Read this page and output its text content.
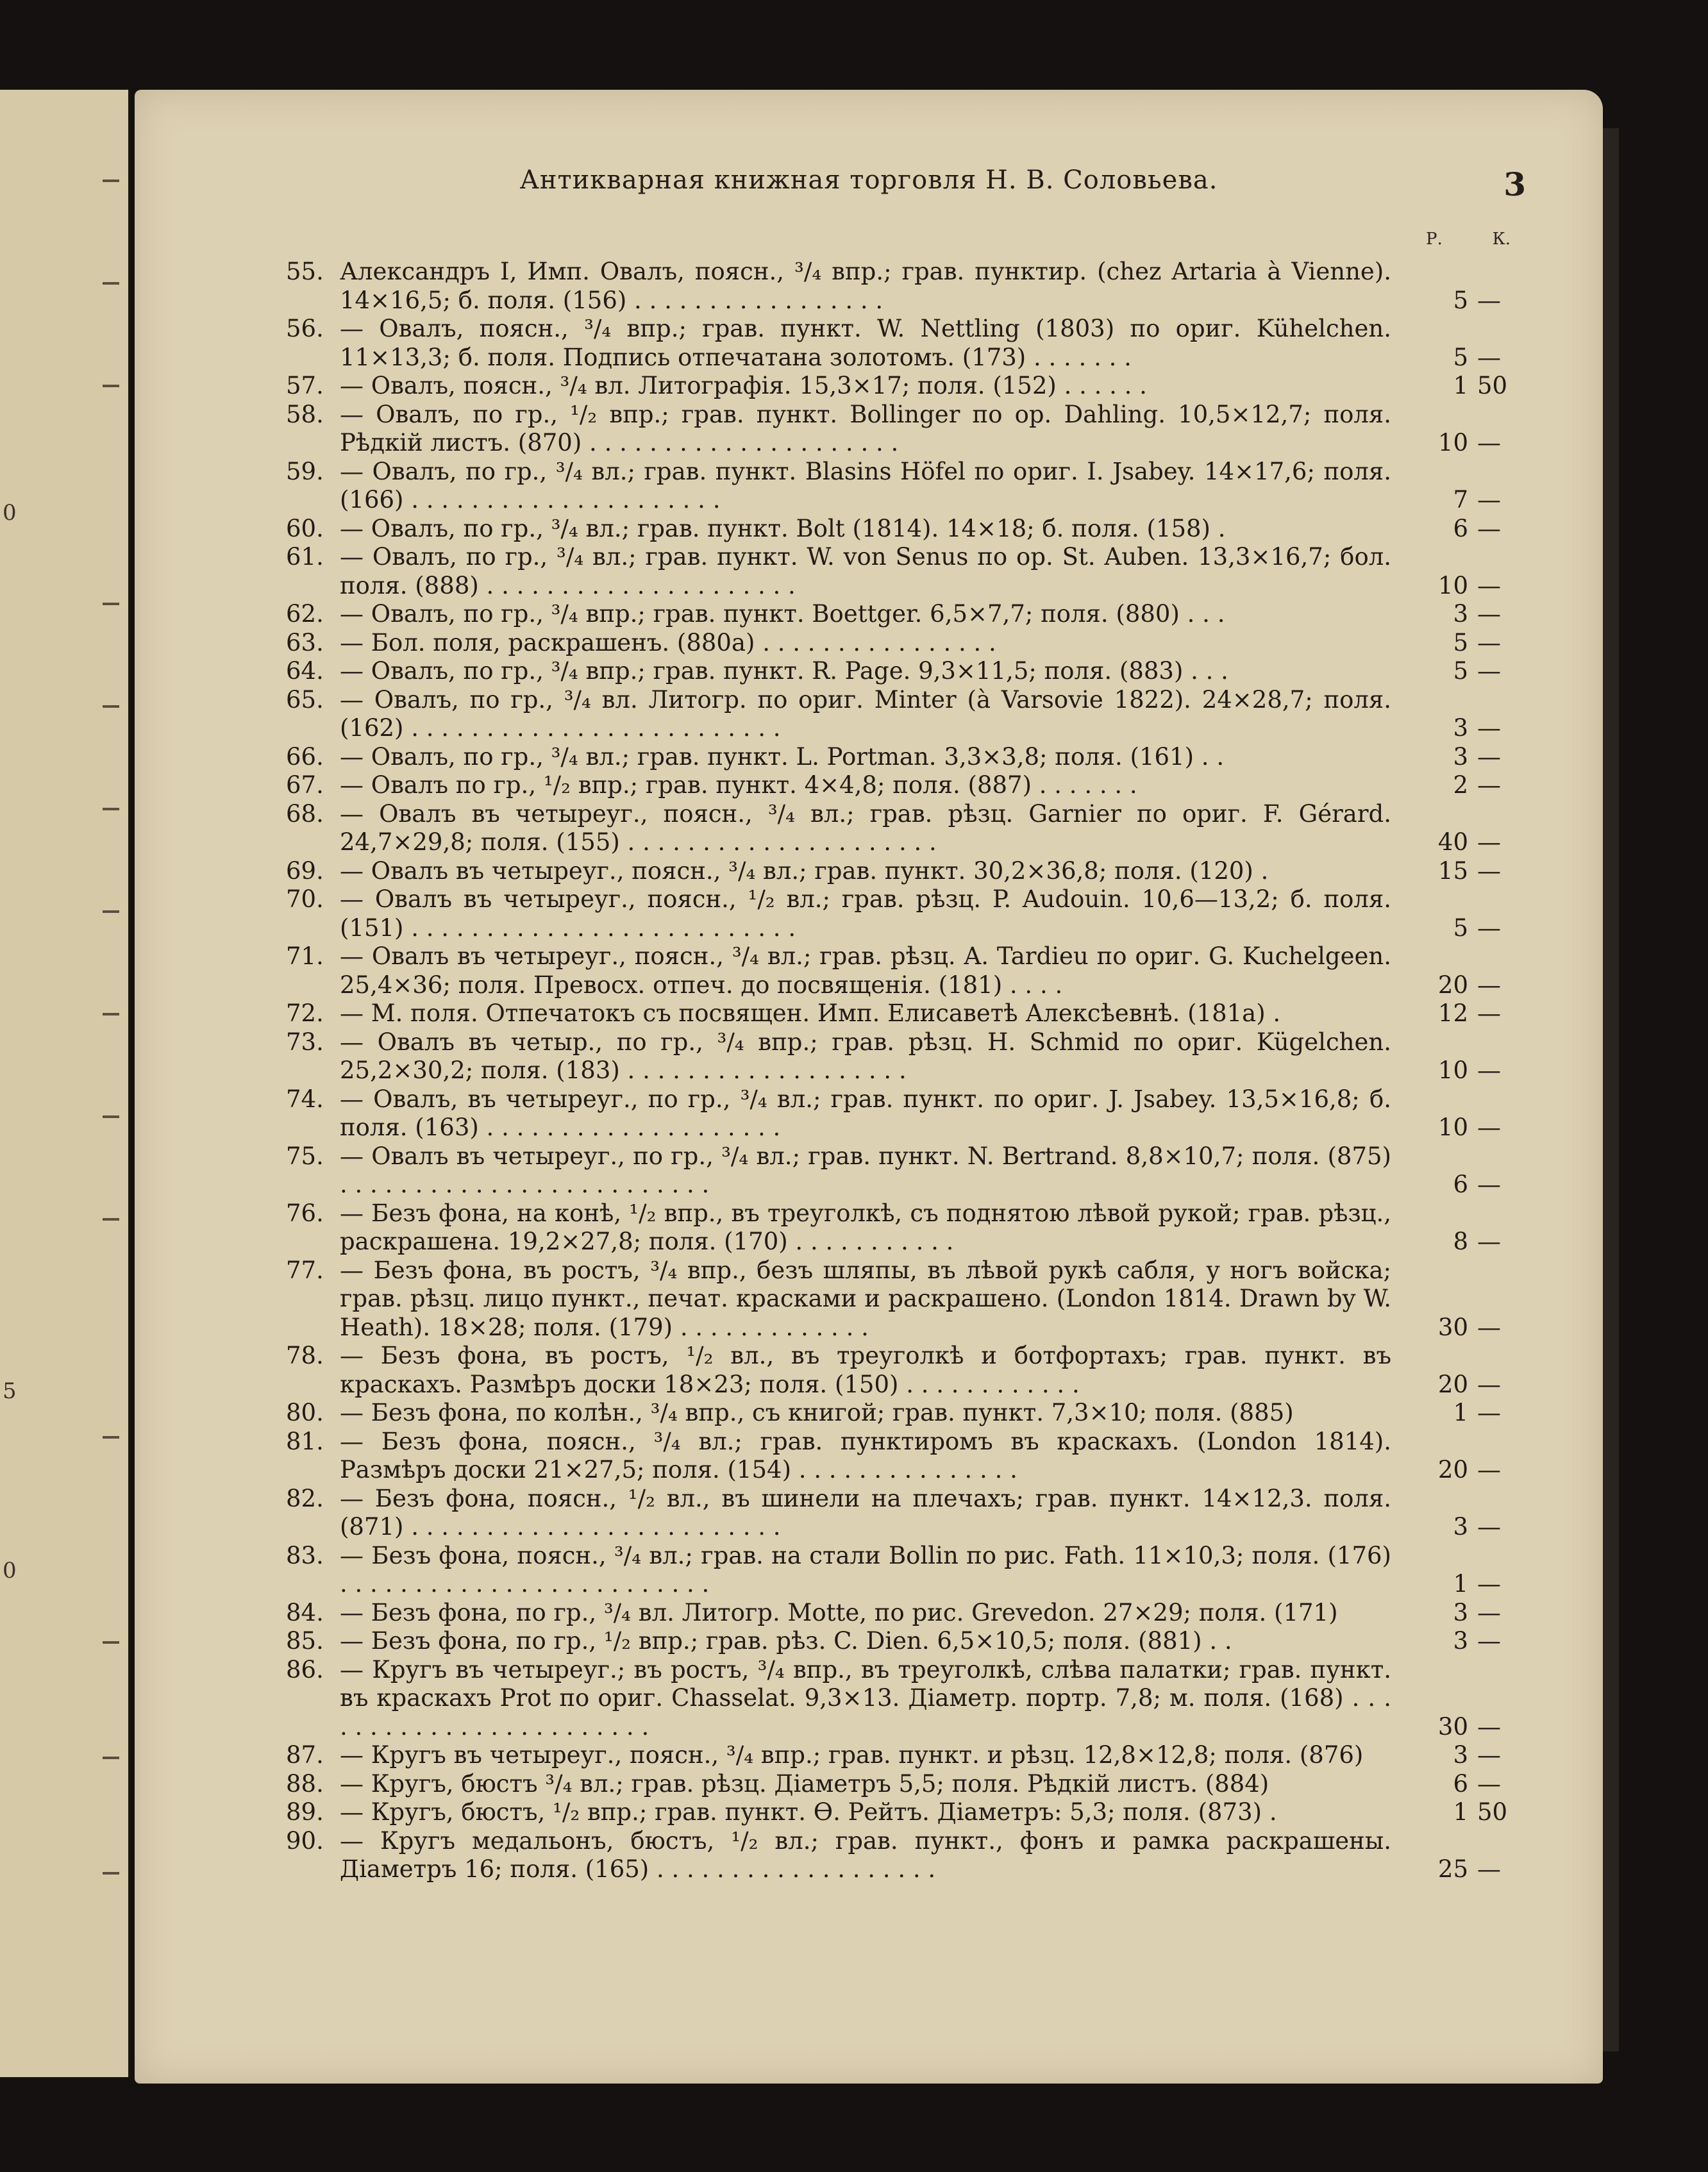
0
5
0
Антикварная книжная торговля Н. В. Соловьева.	3
Р.	К.
55. Александръ I, Имп. Овалъ, поясн., ³/₄ впр.; грав. пунктир. (chez Artaria à Vienne). 14×16,5; б. поля. (156) . . . . . . . . . . . . . . . . .	5 —
56. — Овалъ, поясн., ³/₄ впр.; грав. пункт. W. Nettling (1803) по ориг. Kühelchen. 11×13,3; б. поля. Подпись отпечатана золотомъ. (173) . . . . . . .	5 —
57. — Овалъ, поясн., ³/₄ вл. Литографія. 15,3×17; поля. (152) . . . . . .	1 50
58. — Овалъ, по гр., ¹/₂ впр.; грав. пункт. Bollinger по ор. Dahling. 10,5×12,7; поля. Рѣдкій листъ. (870) . . . . . . . . . . . . . . . . . . . . .	10 —
59. — Овалъ, по гр., ³/₄ вл.; грав. пункт. Blasins Höfel по ориг. I. Jsabey. 14×17,6; поля. (166) . . . . . . . . . . . . . . . . . . . . .	7 —
60. — Овалъ, по гр., ³/₄ вл.; грав. пункт. Bolt (1814). 14×18; б. поля. (158) .	6 —
61. — Овалъ, по гр., ³/₄ вл.; грав. пункт. W. von Senus по ор. St. Auben. 13,3×16,7; бол. поля. (888) . . . . . . . . . . . . . . . . . . . . .	10 —
62. — Овалъ, по гр., ³/₄ впр.; грав. пункт. Boettger. 6,5×7,7; поля. (880) . . .	3 —
63. — Бол. поля, раскрашенъ. (880а) . . . . . . . . . . . . . . . .	5 —
64. — Овалъ, по гр., ³/₄ впр.; грав. пункт. R. Page. 9,3×11,5; поля. (883) . . .	5 —
65. — Овалъ, по гр., ³/₄ вл. Литогр. по ориг. Minter (à Varsovie 1822). 24×28,7; поля. (162) . . . . . . . . . . . . . . . . . . . . . . . . .	3 —
66. — Овалъ, по гр., ³/₄ вл.; грав. пункт. L. Portman. 3,3×3,8; поля. (161) . .	3 —
67. — Овалъ по гр., ¹/₂ впр.; грав. пункт. 4×4,8; поля. (887) . . . . . . .	2 —
68. — Овалъ въ четыреуг., поясн., ³/₄ вл.; грав. рѣзц. Garnier по ориг. F. Gérard. 24,7×29,8; поля. (155) . . . . . . . . . . . . . . . . . . . . .	40 —
69. — Овалъ въ четыреуг., поясн., ³/₄ вл.; грав. пункт. 30,2×36,8; поля. (120) .	15 —
70. — Овалъ въ четыреуг., поясн., ¹/₂ вл.; грав. рѣзц. P. Audouin. 10,6—13,2; б. поля. (151) . . . . . . . . . . . . . . . . . . . . . . . . . .	5 —
71. — Овалъ въ четыреуг., поясн., ³/₄ вл.; грав. рѣзц. A. Tardieu по ориг. G. Kuchelgeen. 25,4×36; поля. Превосх. отпеч. до посвященія. (181) . . . .	20 —
72. — М. поля. Отпечатокъ съ посвящен. Имп. Елисаветѣ Алексѣевнѣ. (181а) .	12 —
73. — Овалъ въ четыр., по гр., ³/₄ впр.; грав. рѣзц. H. Schmid по ориг. Kügelchen. 25,2×30,2; поля. (183) . . . . . . . . . . . . . . . . . . .	10 —
74. — Овалъ, въ четыреуг., по гр., ³/₄ вл.; грав. пункт. по ориг. J. Jsabey. 13,5×16,8; б. поля. (163) . . . . . . . . . . . . . . . . . . . .	10 —
75. — Овалъ въ четыреуг., по гр., ³/₄ вл.; грав. пункт. N. Bertrand. 8,8×10,7; поля. (875) . . . . . . . . . . . . . . . . . . . . . . . . .	6 —
76. — Безъ фона, на конѣ, ¹/₂ впр., въ треуголкѣ, съ поднятою лѣвой рукой; грав. рѣзц., раскрашена. 19,2×27,8; поля. (170) . . . . . . . . . . .	8 —
77. — Безъ фона, въ ростъ, ³/₄ впр., безъ шляпы, въ лѣвой рукѣ сабля, у ногъ войска; грав. рѣзц. лицо пункт., печат. красками и раскрашено. (London 1814. Drawn by W. Heath). 18×28; поля. (179) . . . . . . . . . . . . .	30 —
78. — Безъ фона, въ ростъ, ¹/₂ вл., въ треуголкѣ и ботфортахъ; грав. пункт. въ краскахъ. Размѣръ доски 18×23; поля. (150) . . . . . . . . . . . .	20 —
80. — Безъ фона, по колѣн., ³/₄ впр., съ книгой; грав. пункт. 7,3×10; поля. (885)	1 —
81. — Безъ фона, поясн., ³/₄ вл.; грав. пунктиромъ въ краскахъ. (London 1814). Размѣръ доски 21×27,5; поля. (154) . . . . . . . . . . . . . . .	20 —
82. — Безъ фона, поясн., ¹/₂ вл., въ шинели на плечахъ; грав. пункт. 14×12,3. поля. (871) . . . . . . . . . . . . . . . . . . . . . . . . .	3 —
83. — Безъ фона, поясн., ³/₄ вл.; грав. на стали Bollin по рис. Fath. 11×10,3; поля. (176) . . . . . . . . . . . . . . . . . . . . . . . . .	1 —
84. — Безъ фона, по гр., ³/₄ вл. Литогр. Motte, по рис. Grevedon. 27×29; поля. (171)	3 —
85. — Безъ фона, по гр., ¹/₂ впр.; грав. рѣз. C. Dien. 6,5×10,5; поля. (881) . .	3 —
86. — Кругъ въ четыреуг.; въ ростъ, ³/₄ впр., въ треуголкѣ, слѣва палатки; грав. пункт. въ краскахъ Prot по ориг. Chasselat. 9,3×13. Діаметр. портр. 7,8; м. поля. (168) . . . . . . . . . . . . . . . . . . . . . . . .	30 —
87. — Кругъ въ четыреуг., поясн., ³/₄ впр.; грав. пункт. и рѣзц. 12,8×12,8; поля. (876)	3 —
88. — Кругъ, бюстъ ³/₄ вл.; грав. рѣзц. Діаметръ 5,5; поля. Рѣдкій листъ. (884)	6 —
89. — Кругъ, бюстъ, ¹/₂ впр.; грав. пункт. Ѳ. Рейтъ. Діаметръ: 5,3; поля. (873) .	1 50
90. — Кругъ медальонъ, бюстъ, ¹/₂ вл.; грав. пункт., фонъ и рамка раскрашены. Діаметръ 16; поля. (165) . . . . . . . . . . . . . . . . . . .	25 —
